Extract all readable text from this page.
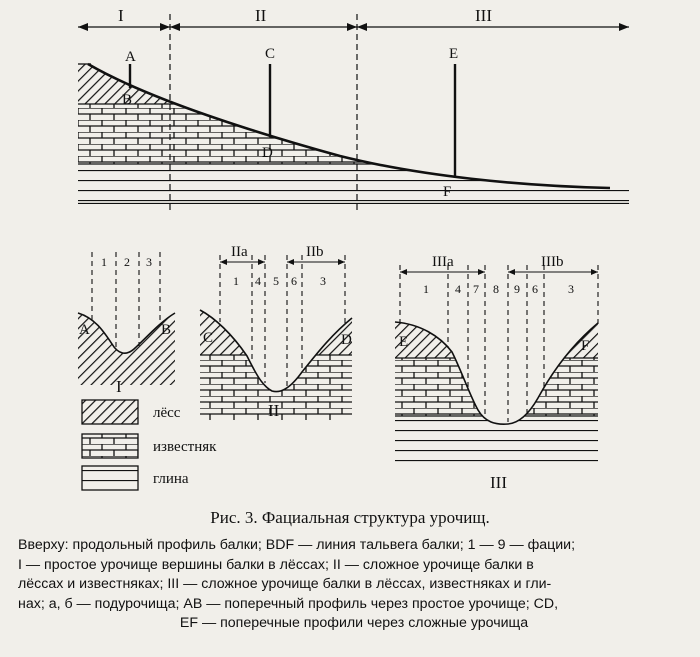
I	II	III
A
B
C
D
E
F
1 2 3
A	B
I
IIa	IIb
1 4 5 6 3
C	D
II
IIIa	IIIb
1 4 7 8 9 6	3
E	F
III
лёсс
известняк
глина
Рис. 3. Фациальная структура урочищ.
Вверху: продольный профиль балки; BDF — линия тальвега балки; 1 — 9 — фации;
I — простое урочище вершины балки в лёссах; II — сложное урочище балки в
лёссах и известняках; III — сложное урочище балки в лёссах, известняках и гли-
нах; а, б — подурочища; AB — поперечный профиль через простое урочище; CD,
EF — поперечные профили через сложные урочища
